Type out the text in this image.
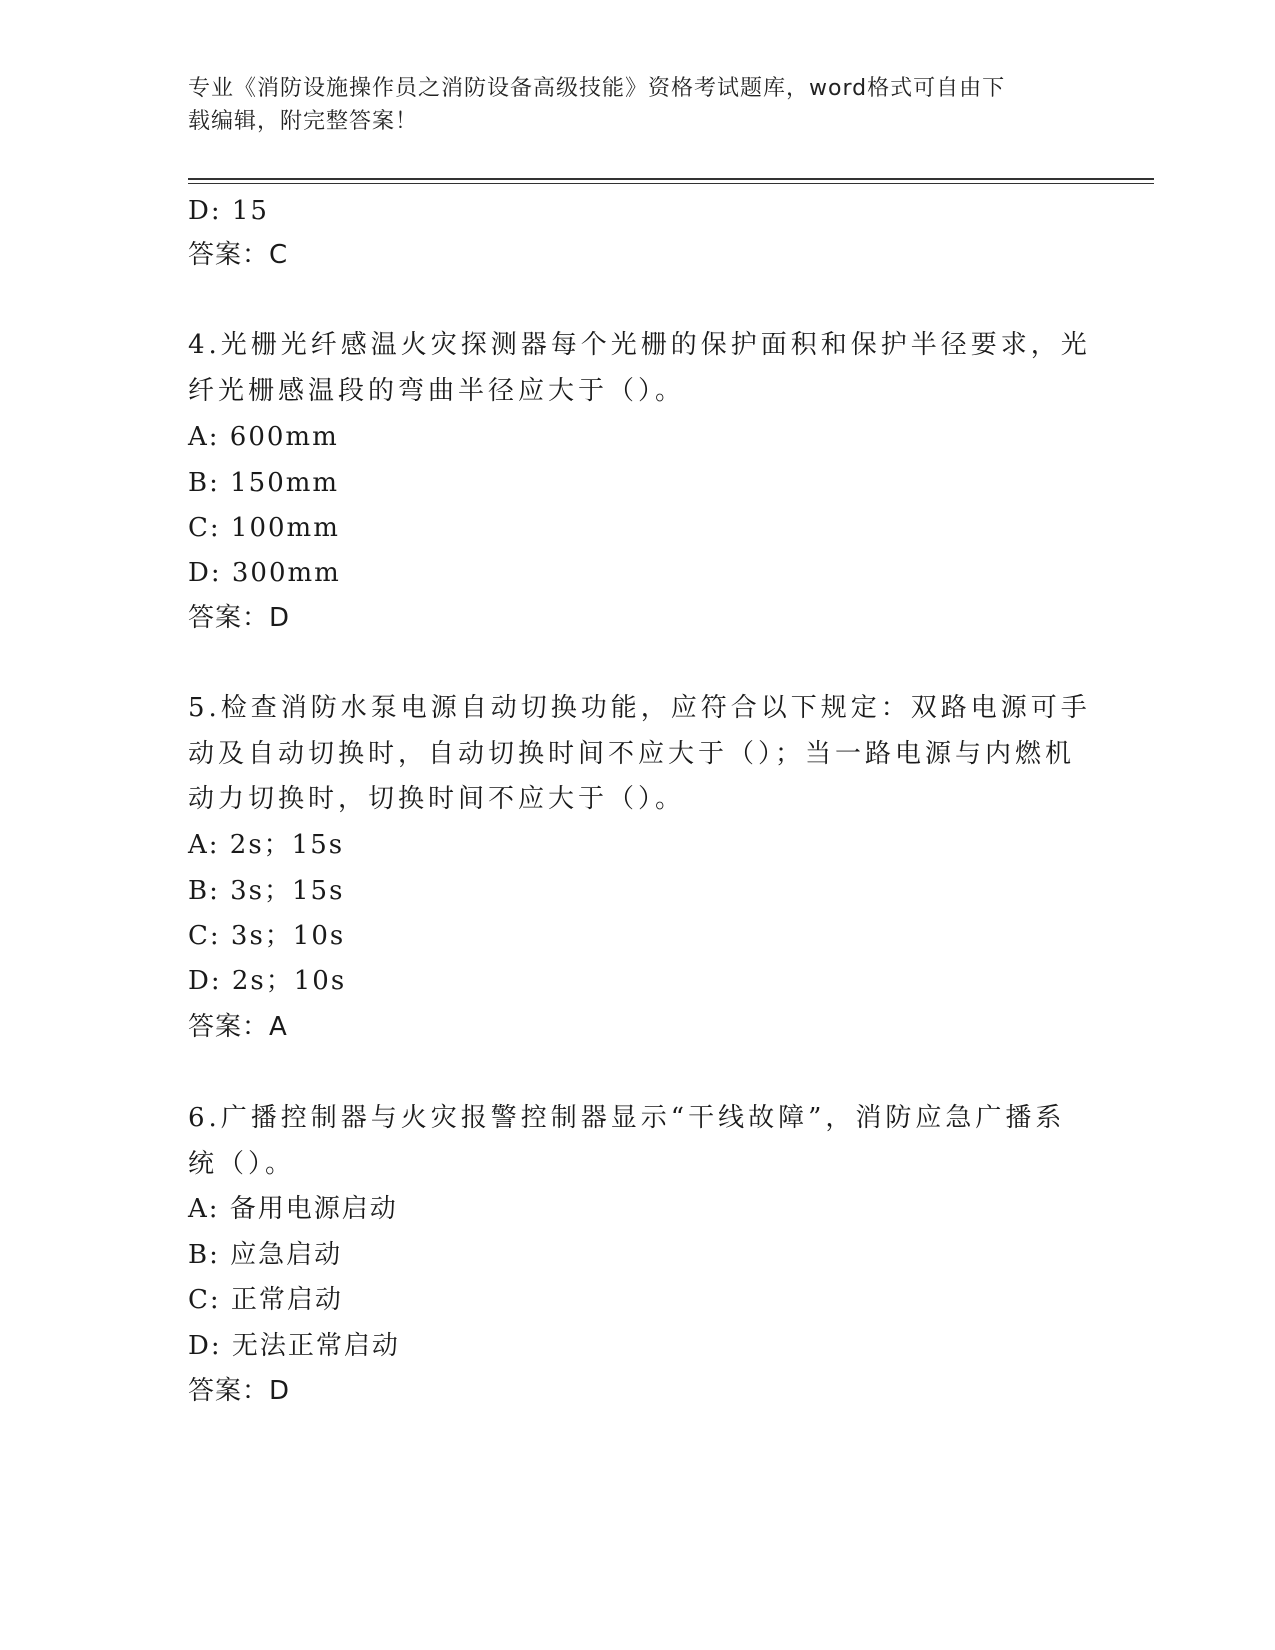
专业《消防设施操作员之消防设备高级技能》资格考试题库，word格式可自由下
载编辑，附完整答案！
D: 15
答案：C
4.光栅光纤感温火灾探测器每个光栅的保护面积和保护半径要求，光
纤光栅感温段的弯曲半径应大于（）。
A: 600mm
B: 150mm
C: 100mm
D: 300mm
答案：D
5.检查消防水泵电源自动切换功能，应符合以下规定：双路电源可手
动及自动切换时，自动切换时间不应大于（）；当一路电源与内燃机
动力切换时，切换时间不应大于（）。
A: 2s；15s
B: 3s；15s
C: 3s；10s
D: 2s；10s
答案：A
6.广播控制器与火灾报警控制器显示“干线故障”，消防应急广播系
统（）。
A: 备用电源启动
B: 应急启动
C: 正常启动
D: 无法正常启动
答案：D
